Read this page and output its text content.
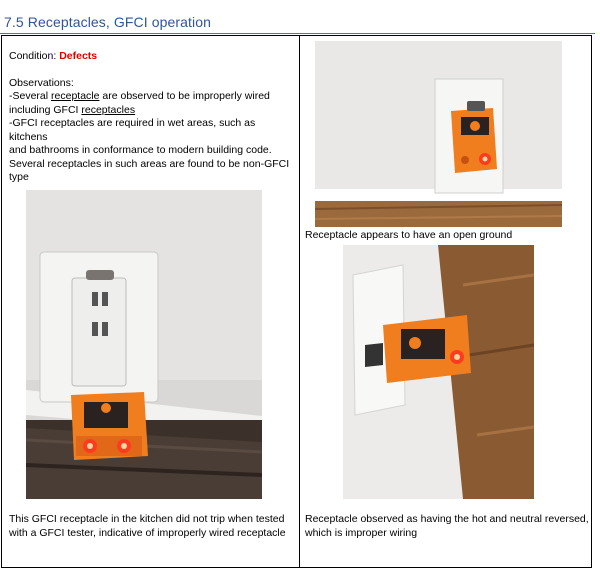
7.5 Receptacles, GFCI operation
Condition: Defects
Observations:
-Several receptacle are observed to be improperly wired
including GFCI receptacles
-GFCI receptacles are required in wet areas, such as kitchens
and bathrooms in conformance to modern building code.
Several receptacles in such areas are found to be non-GFCI
type
Receptacle appears to have an open ground
Receptacle observed as having the hot and neutral reversed, which is improper wiring
This GFCI receptacle in the kitchen did not trip when tested with a GFCI tester, indicative of improperly wired receptacle
